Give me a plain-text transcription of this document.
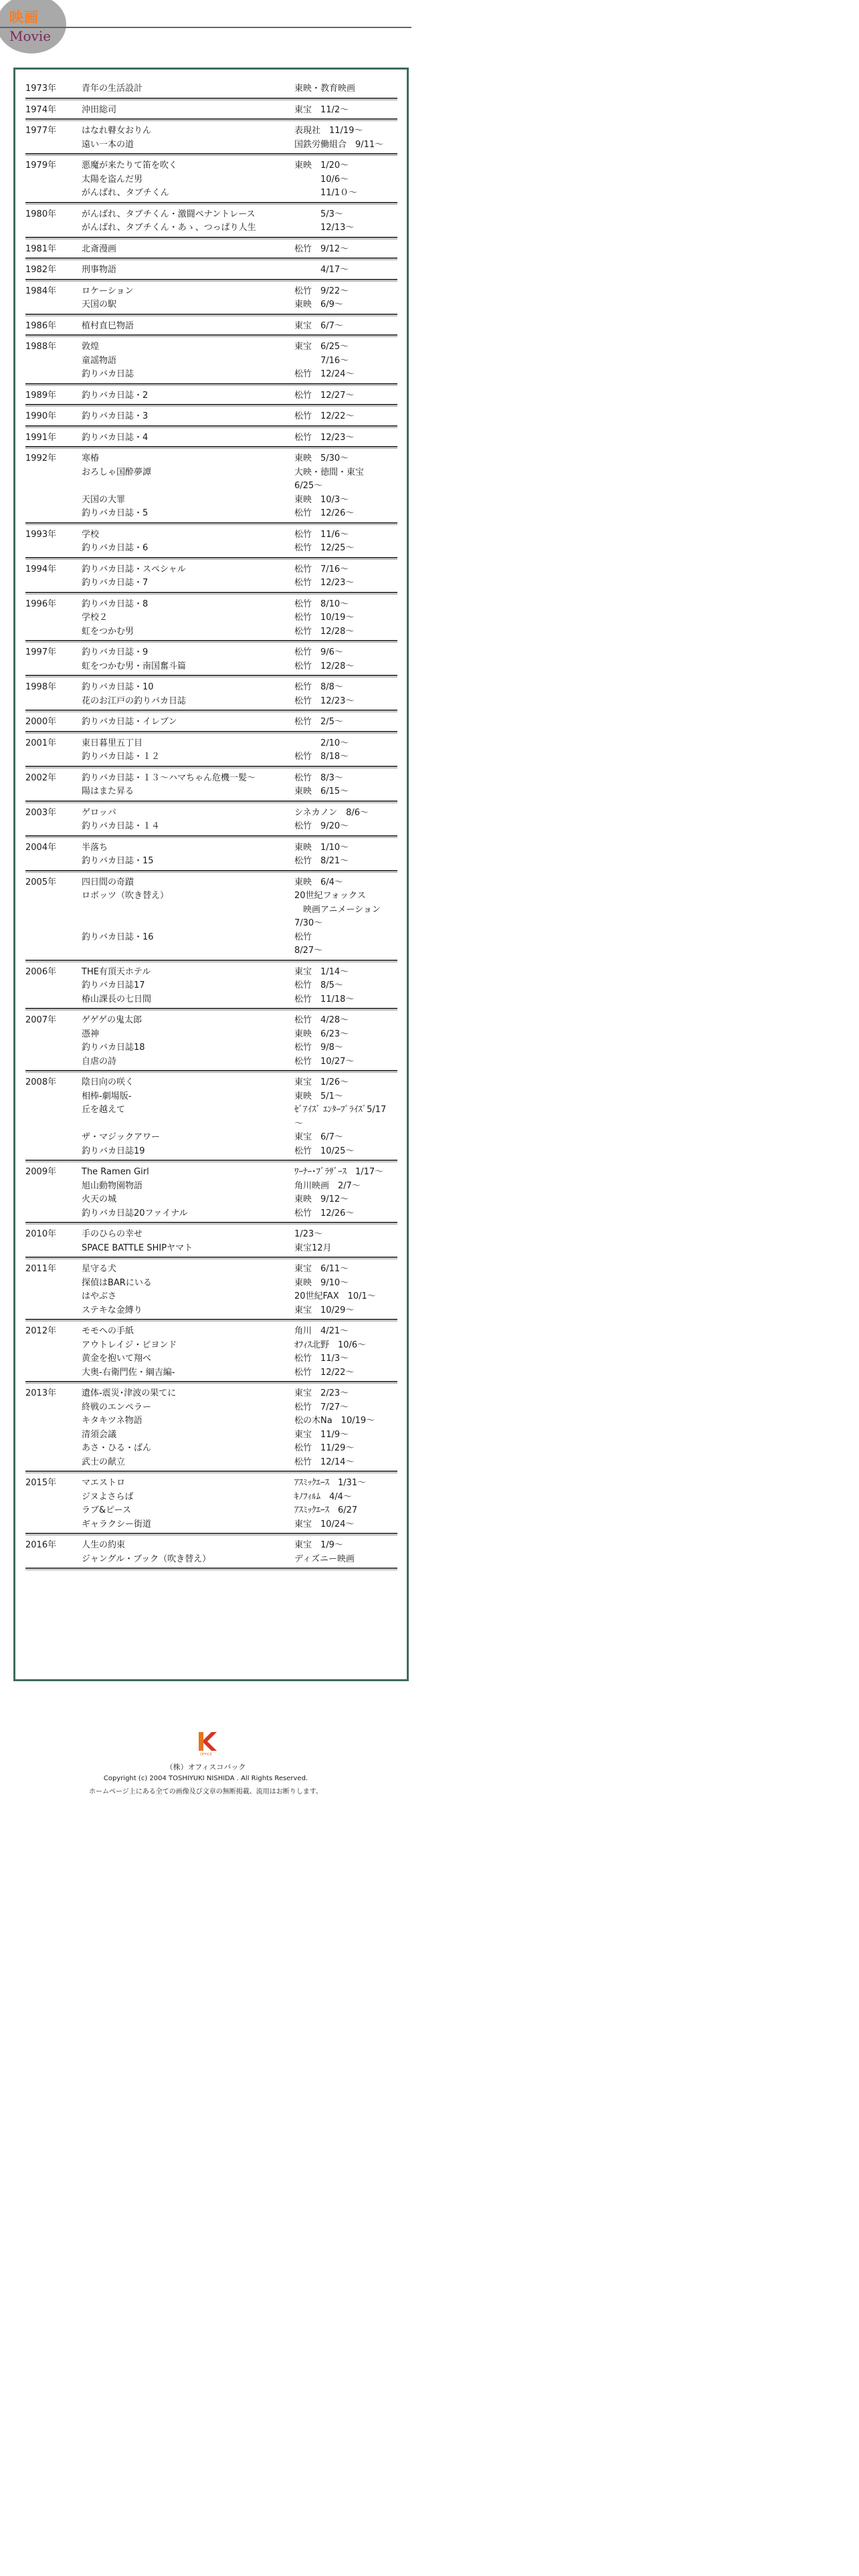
映画
Movie
1973年	青年の生活設計	東映・教育映画
1974年	沖田総司	東宝　11/2〜
1977年	はなれ瞽女おりん	表現社　11/19〜
遠い一本の道	国鉄労働組合　9/11〜
1979年	悪魔が来たりて笛を吹く	東映　1/20〜
太陽を盗んだ男	　　　10/6〜
がんばれ、タブチくん	　　　11/1０〜
1980年	がんばれ、タブチくん・激闘ペナントレース	　　　5/3〜
がんばれ、タブチくん・あゝ、つっぱり人生	　　　12/13〜
1981年	北斎漫画	松竹　9/12〜
1982年	刑事物語	　　　4/17〜
1984年	ロケーション	松竹　9/22〜
天国の駅	東映　6/9〜
1986年	植村直巳物語	東宝　6/7〜
1988年	敦煌	東宝　6/25〜
童謡物語	　　　7/16〜
釣りバカ日誌	松竹　12/24〜
1989年	釣りバカ日誌・2	松竹　12/27〜
1990年	釣りバカ日誌・3	松竹　12/22〜
1991年	釣りバカ日誌・4	松竹　12/23〜
1992年	寒椿	東映　5/30〜
おろしゃ国酔夢譚	大映・徳間・東宝
6/25〜
天国の大罪	東映　10/3〜
釣りバカ日誌・5	松竹　12/26〜
1993年	学校	松竹　11/6〜
釣りバカ日誌・6	松竹　12/25〜
1994年	釣りバカ日誌・スペシャル	松竹　7/16〜
釣りバカ日誌・7	松竹　12/23〜
1996年	釣りバカ日誌・8	松竹　8/10〜
学校２	松竹　10/19〜
虹をつかむ男	松竹　12/28〜
1997年	釣りバカ日誌・9	松竹　9/6〜
虹をつかむ男・南国奮斗篇	松竹　12/28〜
1998年	釣りバカ日誌・10	松竹　8/8〜
花のお江戸の釣りバカ日誌	松竹　12/23〜
2000年	釣りバカ日誌・イレブン	松竹　2/5〜
2001年	東日暮里五丁目	　　　2/10〜
釣りバカ日誌・１２	松竹　8/18〜
2002年	釣りバカ日誌・１３〜ハマちゃん危機一髪〜	松竹　8/3〜
陽はまた昇る	東映　6/15〜
2003年	ゲロッパ	シネカノン　8/6〜
釣りバカ日誌・１４	松竹　9/20〜
2004年	半落ち	東映　1/10〜
釣りバカ日誌・15	松竹　8/21〜
2005年	四日間の奇蹟	東映　6/4〜
ロボッツ（吹き替え）	20世紀フォックス
　映画アニメーション
7/30〜
釣りバカ日誌・16	松竹
8/27〜
2006年	THE有頂天ホテル	東宝　1/14〜
釣りバカ日誌17	松竹　8/5〜
椿山課長の七日間	松竹　11/18〜
2007年	ゲゲゲの鬼太郎	松竹　4/28〜
憑神	東映　6/23〜
釣りバカ日誌18	松竹　9/8〜
自虐の詩	松竹　10/27〜
2008年	陰日向の咲く	東宝　1/26〜
相棒-劇場版-	東映　5/1〜
丘を越えて	ｾﾞｱｲｽﾞ ｴﾝﾀｰﾌﾟﾗｲｽﾞ5/17
〜
ザ・マジックアワー	東宝　6/7〜
釣りバカ日誌19	松竹　10/25〜
2009年	The Ramen Girl	ﾜｰﾅｰ･ﾌﾞﾗｻﾞｰｽ　1/17〜
旭山動物園物語	角川映画　2/7〜
火天の城	東映　9/12〜
釣りバカ日誌20ファイナル	松竹　12/26〜
2010年	手のひらの幸せ	1/23〜
SPACE BATTLE SHIPヤマト	東宝12月
2011年	星守る犬	東宝　6/11〜
探偵はBARにいる	東映　9/10〜
はやぶさ	20世紀FAX　10/1〜
ステキな金縛り	東宝　10/29〜
2012年	モモへの手紙	角川　4/21〜
アウトレイジ・ビヨンド	ｵﾌｨｽ北野　10/6〜
黄金を抱いて翔べ	松竹　11/3〜
大奥-右衛門佐・綱吉編-	松竹　12/22〜
2013年	遺体-震災･津波の果てに	東宝　2/23〜
終戦のエンペラー	松竹　7/27〜
キタキツネ物語	松の木Na　10/19〜
清須会議	東宝　11/9〜
あさ・ひる・ばん	松竹　11/29〜
武士の献立	松竹　12/14〜
2015年	マエストロ	ｱｽﾐｯｸｴｰｽ　1/31〜
ジヌよさらば	ｷﾉﾌｨﾙﾑ　4/4〜
ラブ&ピース	ｱｽﾐｯｸｴｰｽ　6/27
ギャラクシー街道	東宝　10/24〜
2016年	人生の約束	東宝　1/9〜
ジャングル・ブック（吹き替え）	ディズニー映画
OFFICE
（株）オフィスコバック
Copyright (c) 2004 TOSHIYUKI NISHIDA . All Rights Reserved.
ホームページ上にある全ての画像及び文章の無断掲載、流用はお断りします。
